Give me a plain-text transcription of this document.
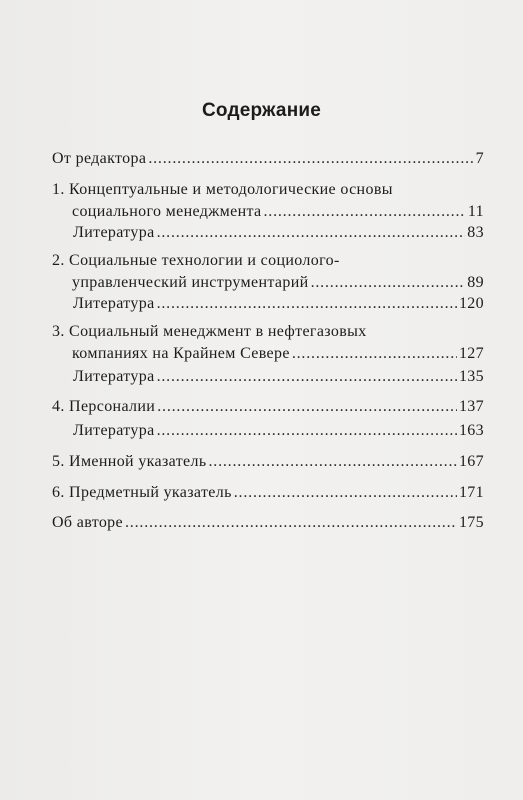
Содержание
От редактора . . .	7
1. Концептуальные и методологические основы
социального менеджмента . . .	11
Литература . . .	83
2. Социальные технологии и социолого-
управленческий инструментарий . . .	89
Литература . . .	120
3. Социальный менеджмент в нефтегазовых
компаниях на Крайнем Севере . . .	127
Литература . . .	135
4. Персоналии . . .	137
Литература . . .	163
5. Именной указатель . . .	167
6. Предметный указатель . . .	171
Об авторе . . .	175
